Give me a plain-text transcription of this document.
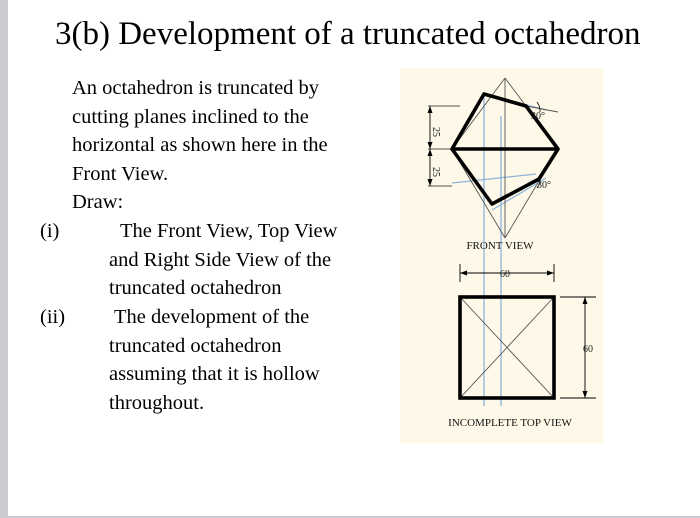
3(b) Development of a truncated octahedron

An octahedron is truncated by

cutting planes inclined to the

horizontal as shown here in the

Front View.

Draw:

(i)	The Front View, Top View
and Right Side View of the
truncated octahedron
(ii) The development of the
truncated octahedron
assuming that it is hollow
throughout.
25
25
30°
30°
FRONT VIEW
60
60
INCOMPLETE TOP VIEW
